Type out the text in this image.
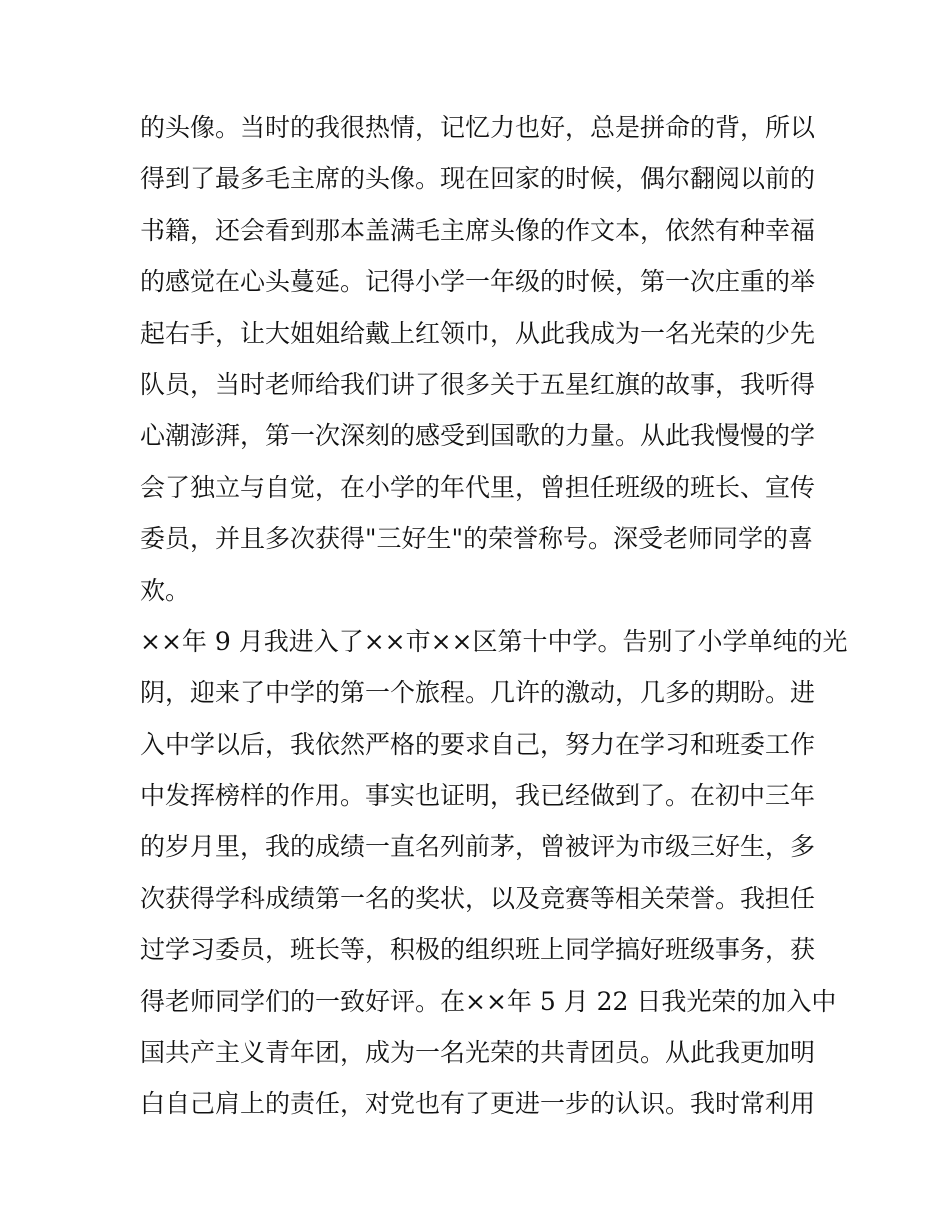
的头像。当时的我很热情，记忆力也好，总是拼命的背，所以
得到了最多毛主席的头像。现在回家的时候，偶尔翻阅以前的
书籍，还会看到那本盖满毛主席头像的作文本，依然有种幸福
的感觉在心头蔓延。记得小学一年级的时候，第一次庄重的举
起右手，让大姐姐给戴上红领巾，从此我成为一名光荣的少先
队员，当时老师给我们讲了很多关于五星红旗的故事，我听得
心潮澎湃，第一次深刻的感受到国歌的力量。从此我慢慢的学
会了独立与自觉，在小学的年代里，曾担任班级的班长、宣传
委员，并且多次获得"三好生"的荣誉称号。深受老师同学的喜
欢。
××年 9 月我进入了××市××区第十中学。告别了小学单纯的光
阴，迎来了中学的第一个旅程。几许的激动，几多的期盼。进
入中学以后，我依然严格的要求自己，努力在学习和班委工作
中发挥榜样的作用。事实也证明，我已经做到了。在初中三年
的岁月里，我的成绩一直名列前茅，曾被评为市级三好生，多
次获得学科成绩第一名的奖状，以及竞赛等相关荣誉。我担任
过学习委员，班长等，积极的组织班上同学搞好班级事务，获
得老师同学们的一致好评。在××年 5 月 22 日我光荣的加入中
国共产主义青年团，成为一名光荣的共青团员。从此我更加明
白自己肩上的责任，对党也有了更进一步的认识。我时常利用
